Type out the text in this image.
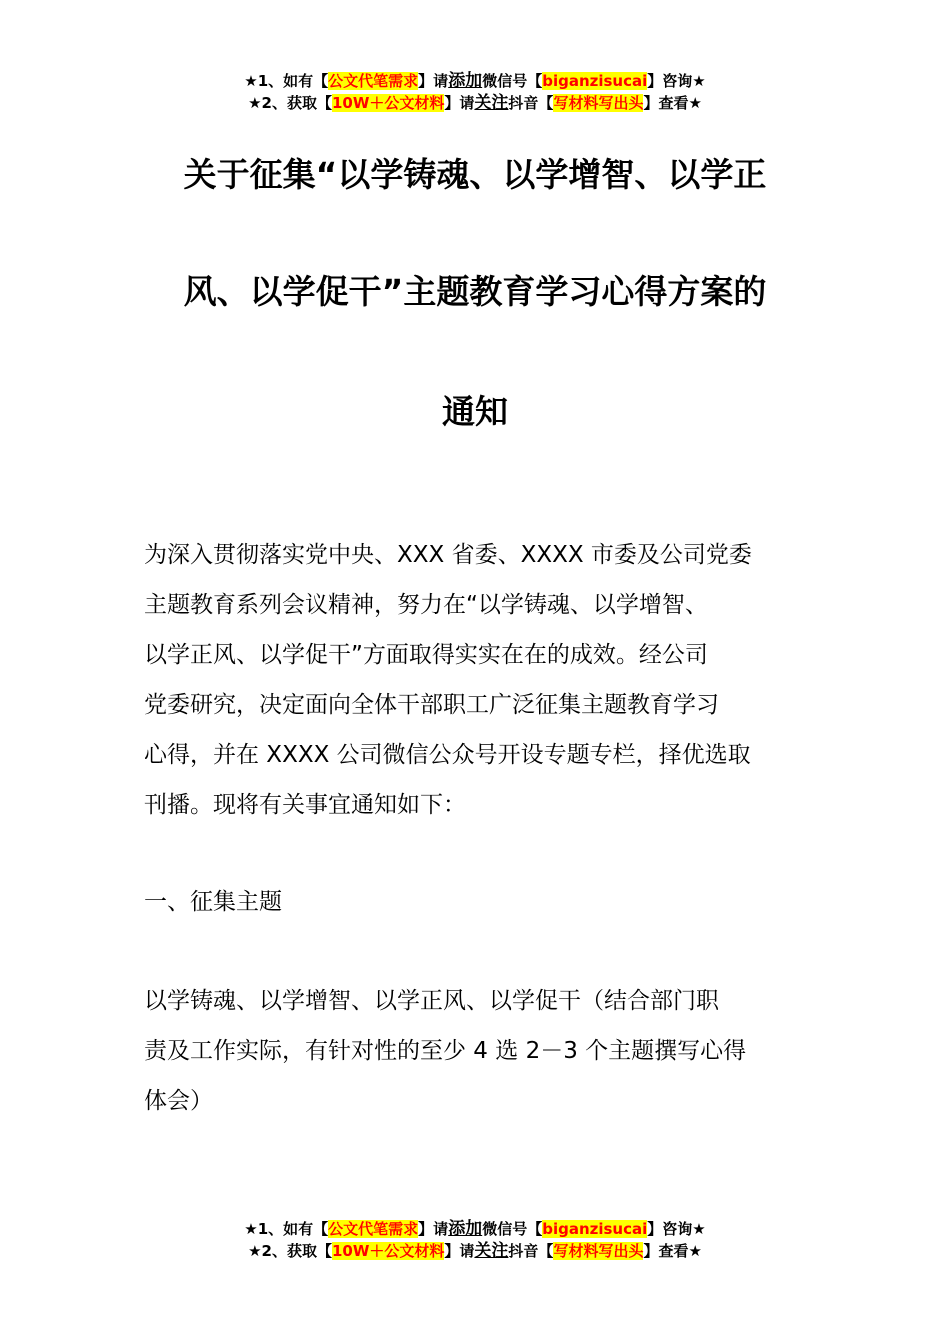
★1、如有【公文代笔需求】请添加微信号【biganzisucai】咨询★
★2、获取【10W＋公文材料】请关注抖音【写材料写出头】查看★
关于征集“以学铸魂、以学增智、以学正
风、以学促干”主题教育学习心得方案的
通知
为深入贯彻落实党中央、XXX 省委、XXXX 市委及公司党委
主题教育系列会议精神，努力在“以学铸魂、以学增智、
以学正风、以学促干”方面取得实实在在的成效。经公司
党委研究，决定面向全体干部职工广泛征集主题教育学习
心得，并在 XXXX 公司微信公众号开设专题专栏，择优选取
刊播。现将有关事宜通知如下：
一、征集主题
以学铸魂、以学增智、以学正风、以学促干（结合部门职
责及工作实际，有针对性的至少 4 选 2－3 个主题撰写心得
体会）
★1、如有【公文代笔需求】请添加微信号【biganzisucai】咨询★
★2、获取【10W＋公文材料】请关注抖音【写材料写出头】查看★
